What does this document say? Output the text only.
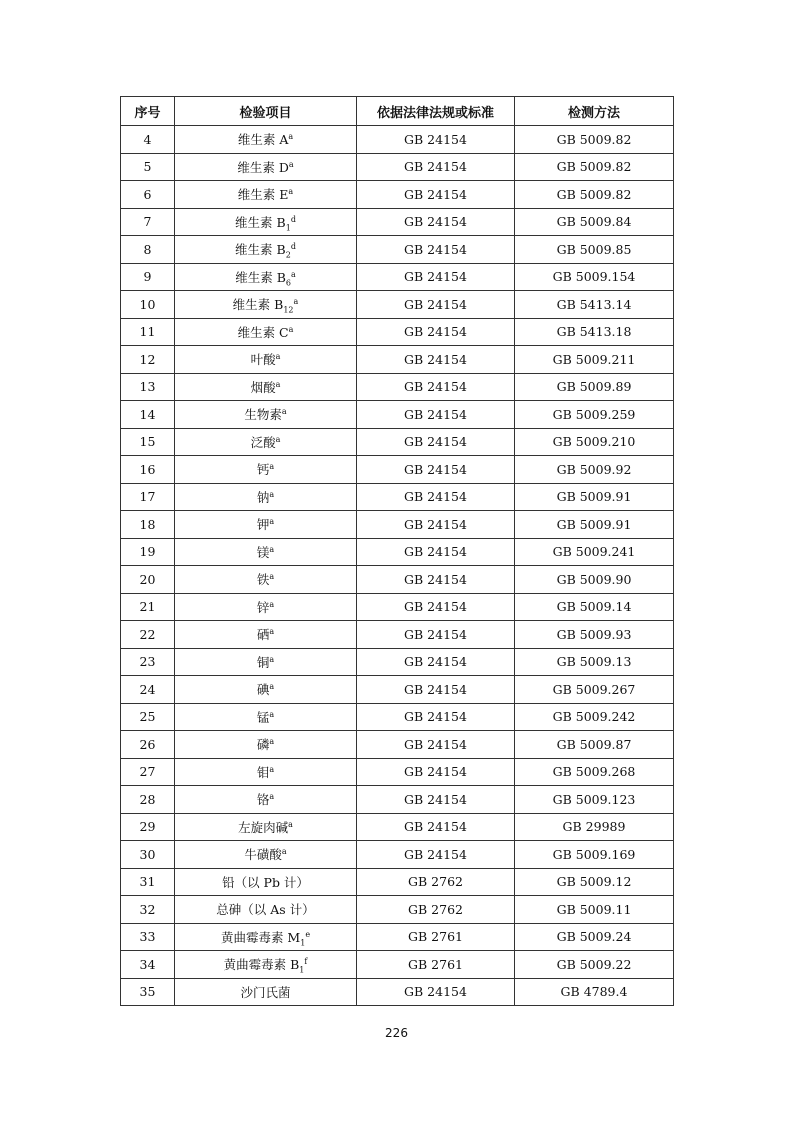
序号	检验项目	依据法律法规或标准	检测方法
4	维生素 $A^a$	GB 24154	GB 5009.82
5	维生素 $D^a$	GB 24154	GB 5009.82
6	维生素 $E^a$	GB 24154	GB 5009.82
7	维生素 $B_1^d$	GB 24154	GB 5009.84
8	维生素 $B_2^d$	GB 24154	GB 5009.85
9	维生素 $B_6^a$	GB 24154	GB 5009.154
10	维生素 $B_{12}^a$	GB 24154	GB 5413.14
11	维生素 $C^a$	GB 24154	GB 5413.18
12	叶酸$^a$	GB 24154	GB 5009.211
13	烟酸$^a$	GB 24154	GB 5009.89
14	生物素$^a$	GB 24154	GB 5009.259
15	泛酸$^a$	GB 24154	GB 5009.210
16	钙$^a$	GB 24154	GB 5009.92
17	钠$^a$	GB 24154	GB 5009.91
18	钾$^a$	GB 24154	GB 5009.91
19	镁$^a$	GB 24154	GB 5009.241
20	铁$^a$	GB 24154	GB 5009.90
21	锌$^a$	GB 24154	GB 5009.14
22	硒$^a$	GB 24154	GB 5009.93
23	铜$^a$	GB 24154	GB 5009.13
24	碘$^a$	GB 24154	GB 5009.267
25	锰$^a$	GB 24154	GB 5009.242
26	磷$^a$	GB 24154	GB 5009.87
27	钼$^a$	GB 24154	GB 5009.268
28	铬$^a$	GB 24154	GB 5009.123
29	左旋肉碱$^a$	GB 24154	GB 29989
30	牛磺酸$^a$	GB 24154	GB 5009.169
31	铅（以 Pb 计）	GB 2762	GB 5009.12
32	总砷（以 As 计）	GB 2762	GB 5009.11
33	黄曲霉毒素 $M_1^e$	GB 2761	GB 5009.24
34	黄曲霉毒素 $B_1^f$	GB 2761	GB 5009.22
35	沙门氏菌	GB 24154	GB 4789.4
226
